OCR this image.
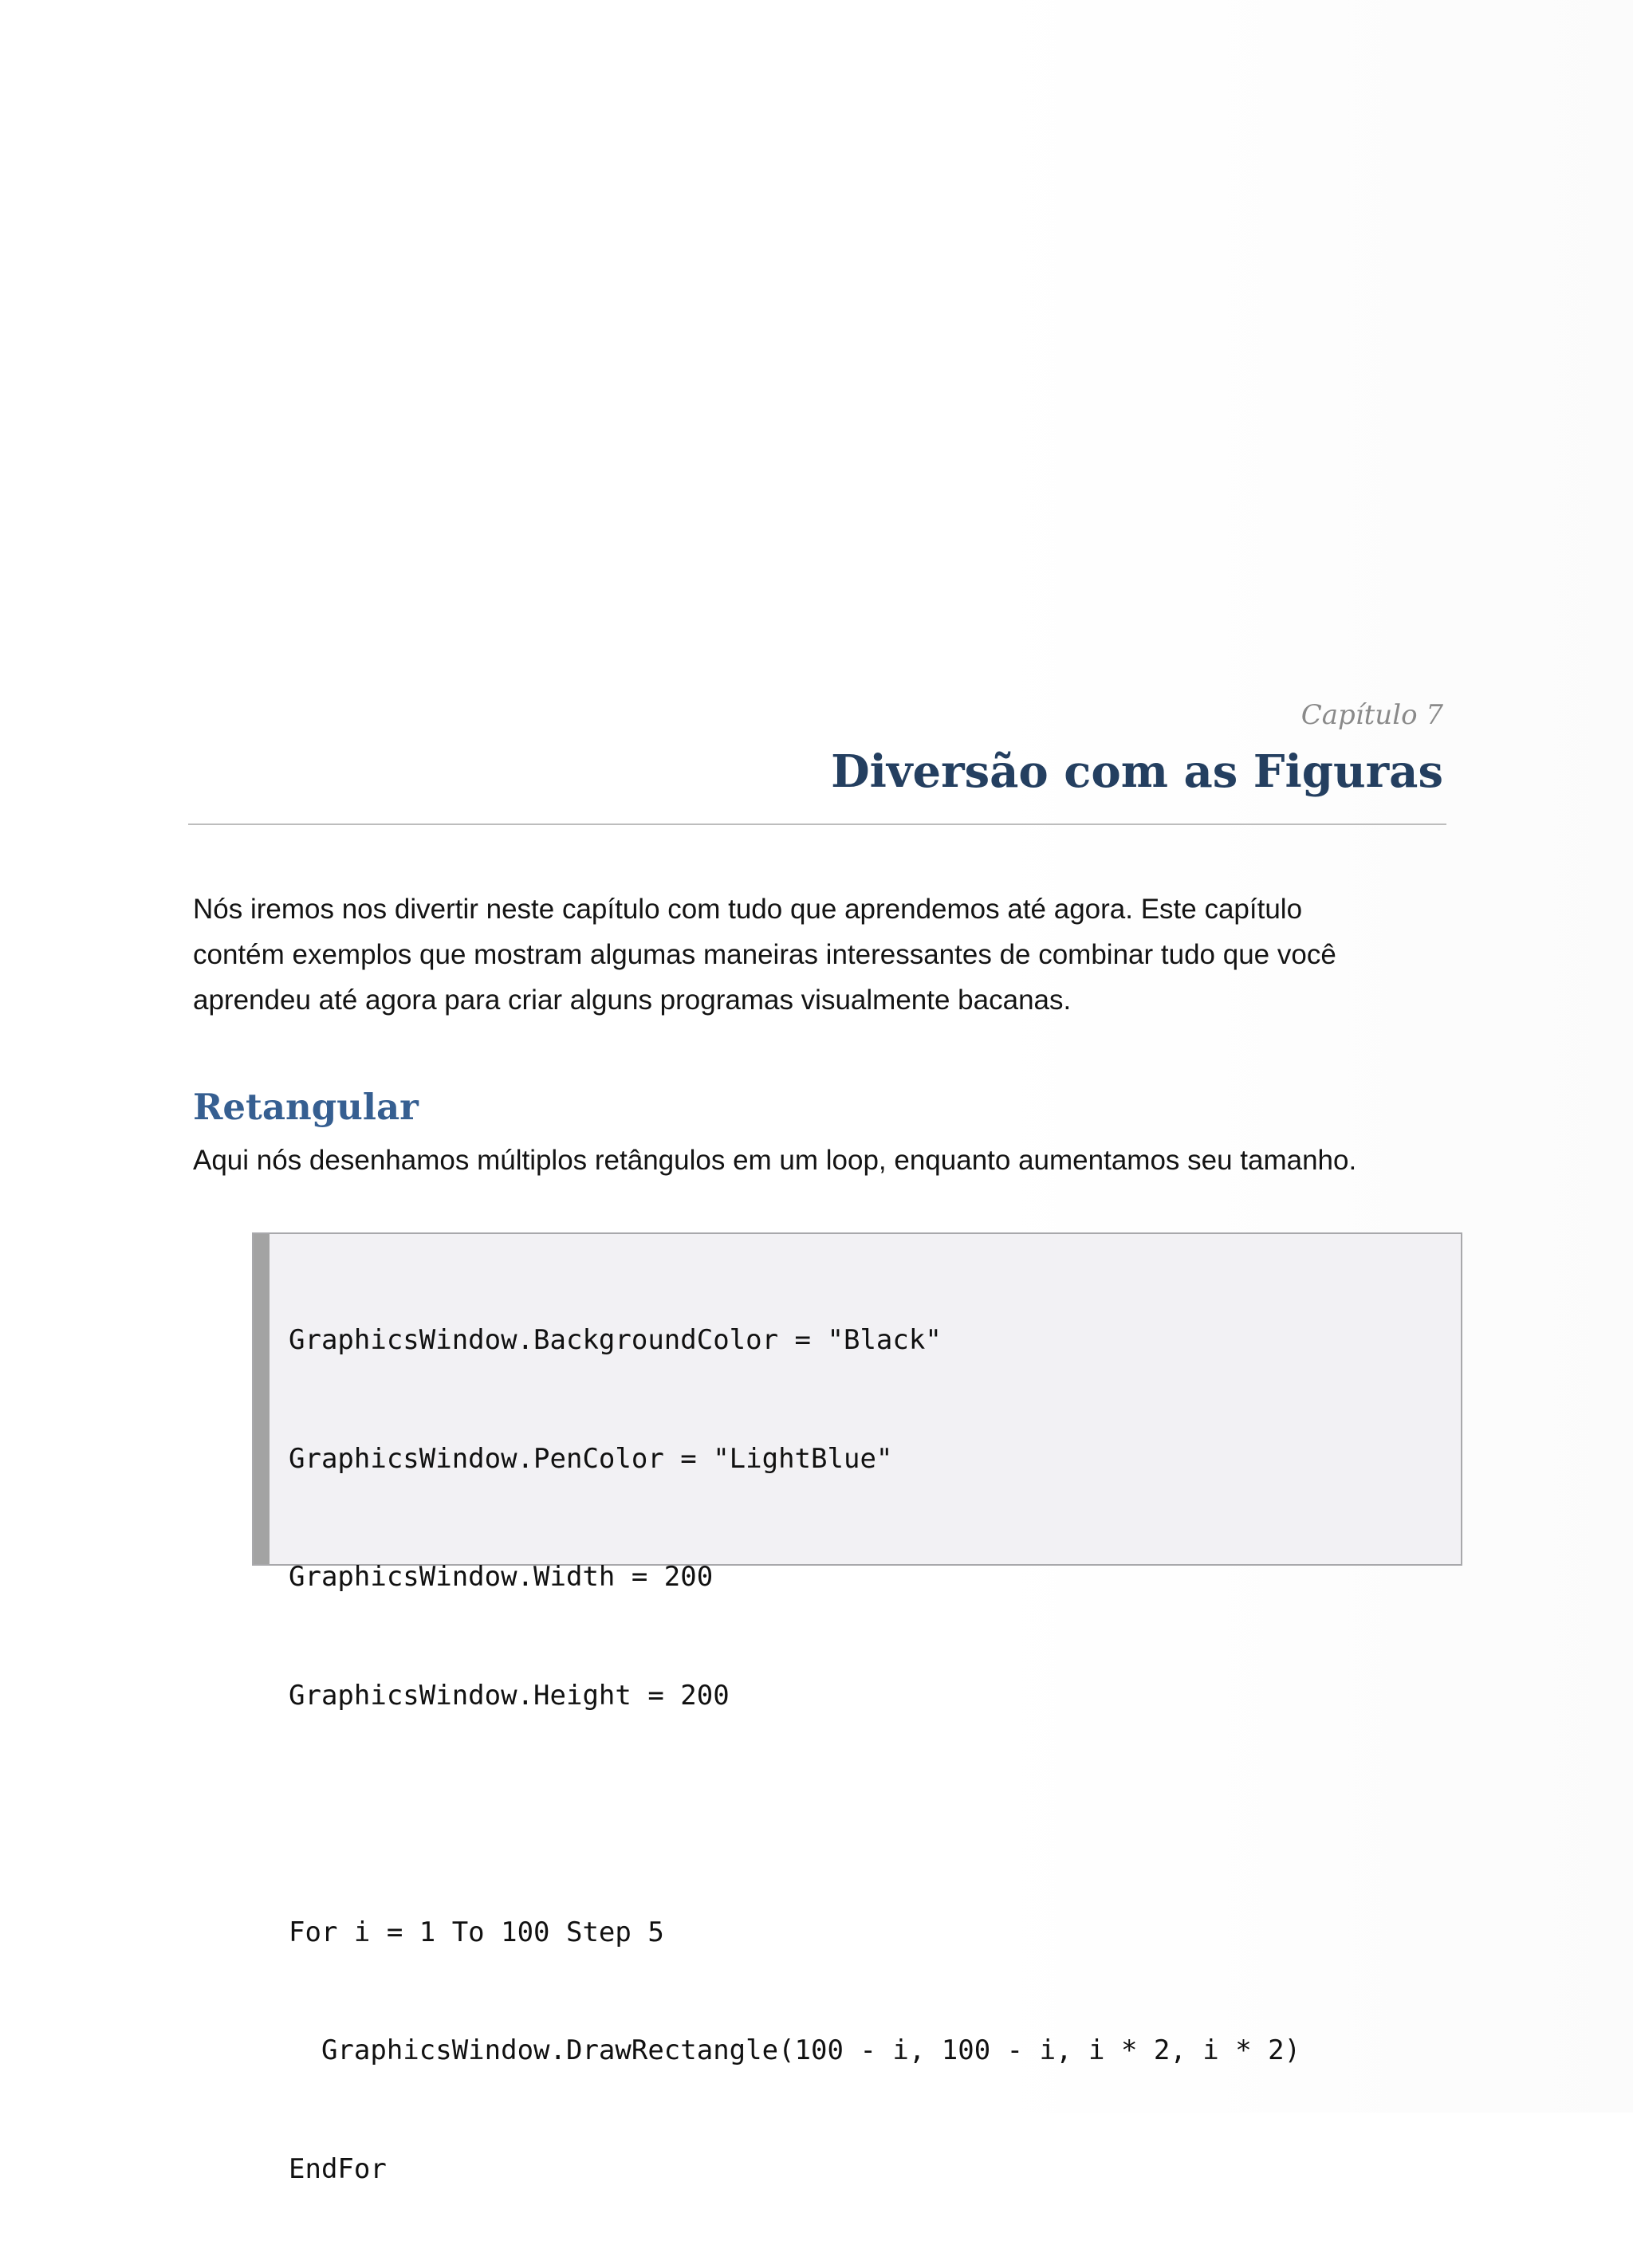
Capítulo 7
Diversão com as Figuras
Nós iremos nos divertir neste capítulo com tudo que aprendemos até agora. Este capítulo
contém exemplos que mostram algumas maneiras interessantes de combinar tudo que você
aprendeu até agora para criar alguns programas visualmente bacanas.
Retangular
Aqui nós desenhamos múltiplos retângulos em um loop, enquanto aumentamos seu tamanho.

GraphicsWindow.BackgroundColor = "Black"

GraphicsWindow.PenColor = "LightBlue"

GraphicsWindow.Width = 200

GraphicsWindow.Height = 200

For i = 1 To 100 Step 5

GraphicsWindow.DrawRectangle(100 - i, 100 - i, i * 2, i * 2)

EndFor
